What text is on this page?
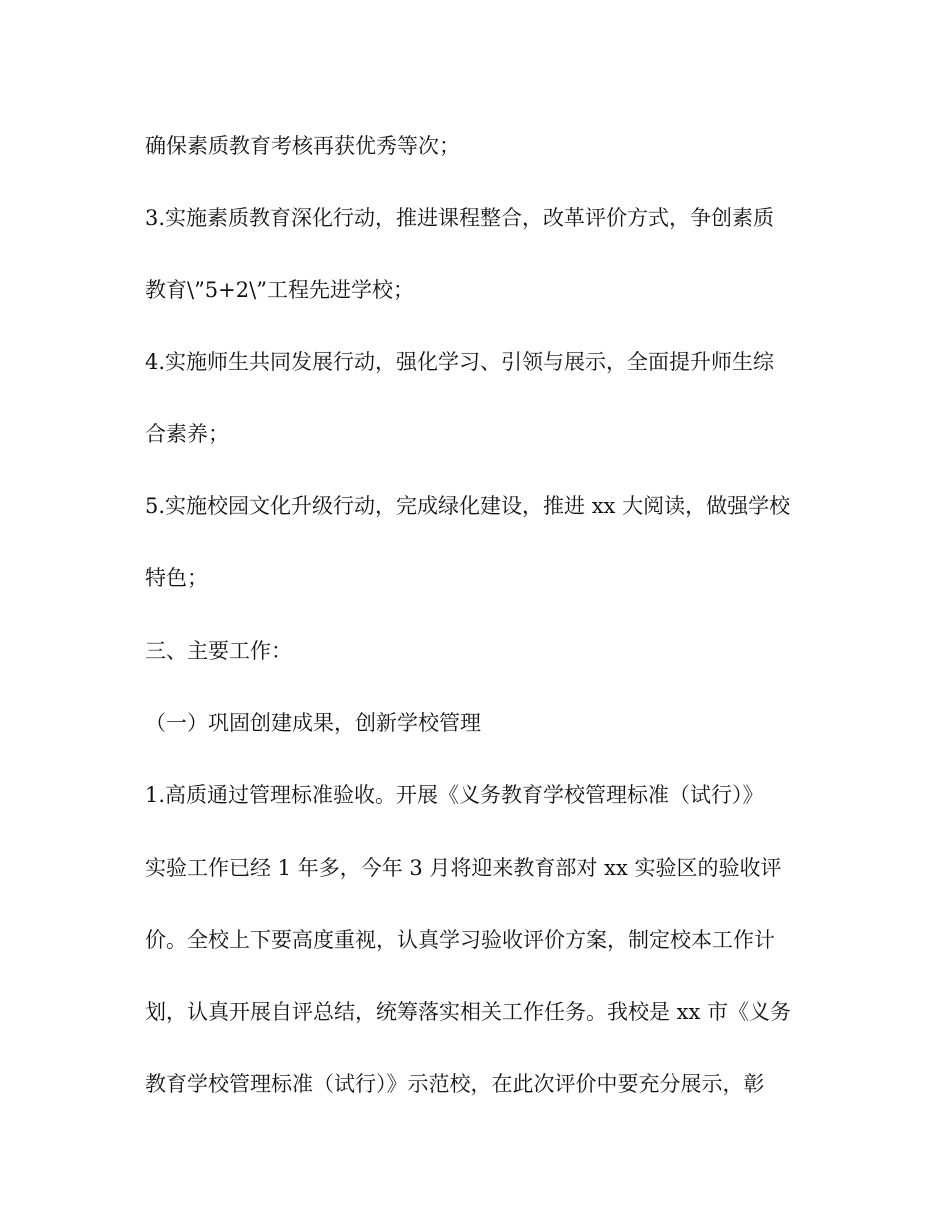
确保素质教育考核再获优秀等次；
3.实施素质教育深化行动，推进课程整合，改革评价方式，争创素质
教育\”5+2\”工程先进学校；
4.实施师生共同发展行动，强化学习、引领与展示，全面提升师生综
合素养；
5.实施校园文化升级行动，完成绿化建设，推进 xx 大阅读，做强学校
特色；
三、主要工作：
（一）巩固创建成果，创新学校管理
1.高质通过管理标准验收。开展《义务教育学校管理标准（试行）》
实验工作已经 1 年多，今年 3 月将迎来教育部对 xx 实验区的验收评
价。全校上下要高度重视，认真学习验收评价方案，制定校本工作计
划，认真开展自评总结，统筹落实相关工作任务。我校是 xx 市《义务
教育学校管理标准（试行）》示范校，在此次评价中要充分展示，彰
